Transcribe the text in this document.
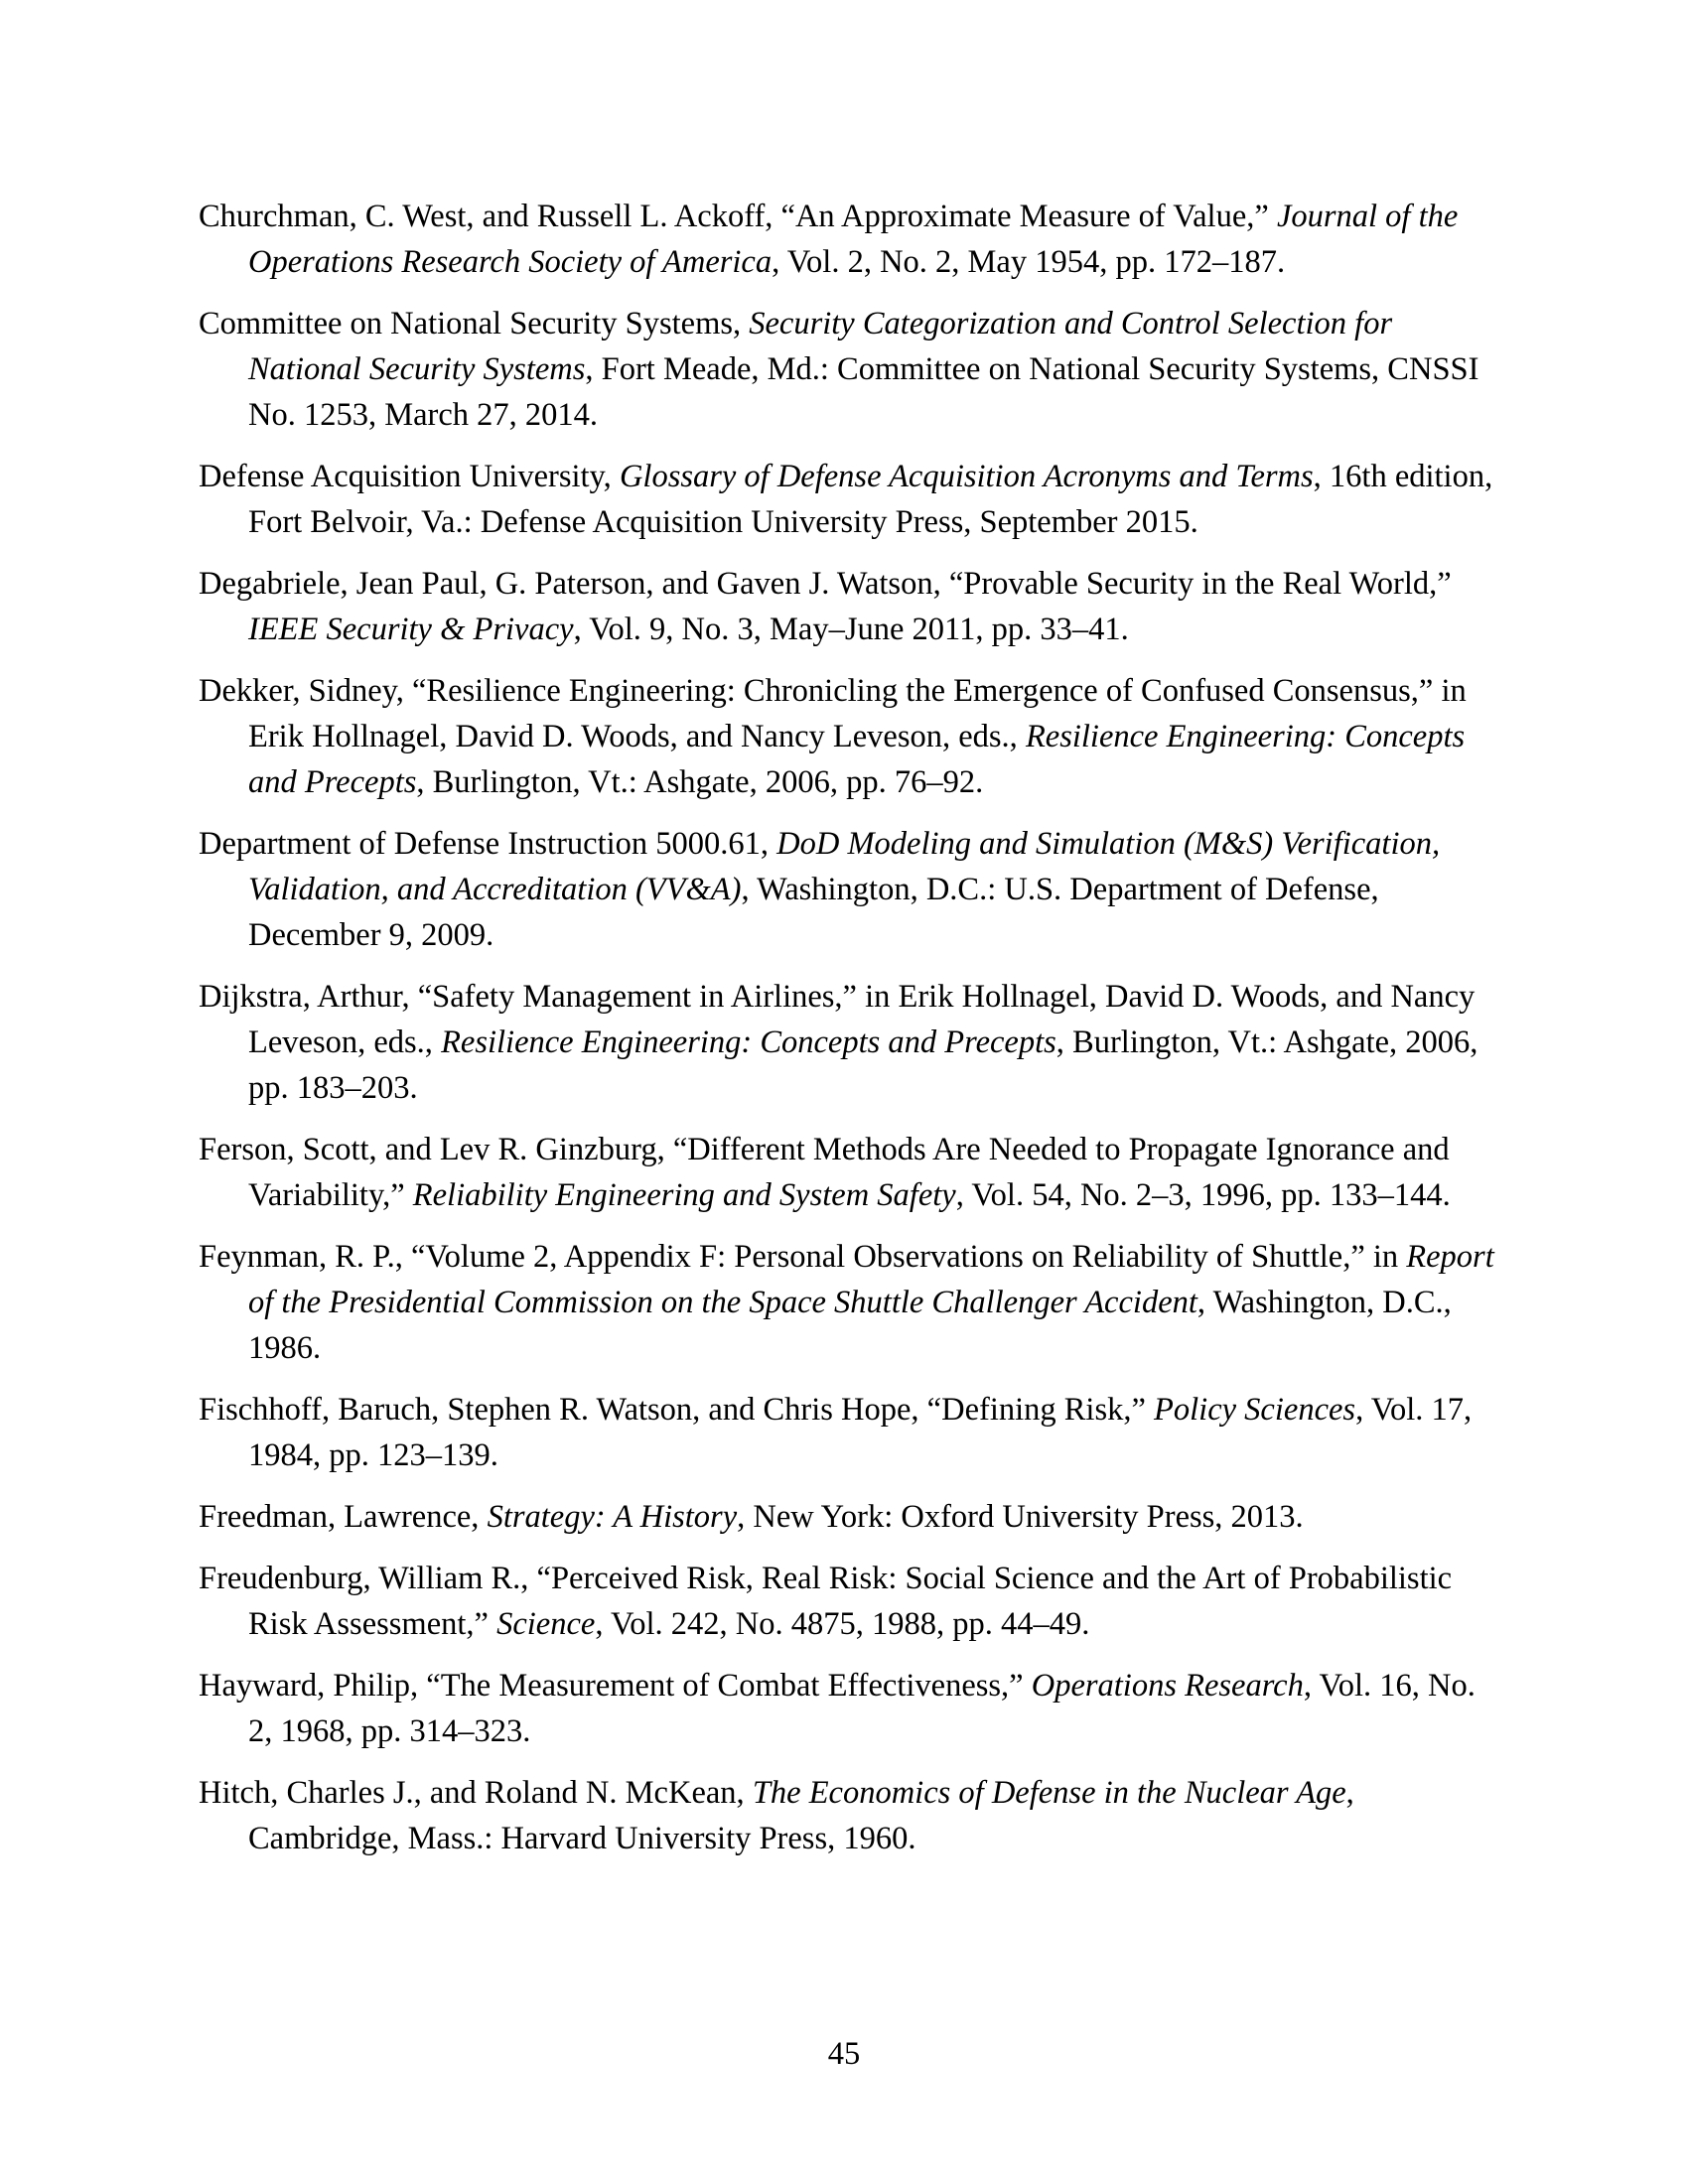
Churchman, C. West, and Russell L. Ackoff, “An Approximate Measure of Value,” Journal of the Operations Research Society of America, Vol. 2, No. 2, May 1954, pp. 172–187.

Committee on National Security Systems, Security Categorization and Control Selection for National Security Systems, Fort Meade, Md.: Committee on National Security Systems, CNSSI No. 1253, March 27, 2014.

Defense Acquisition University, Glossary of Defense Acquisition Acronyms and Terms, 16th edition, Fort Belvoir, Va.: Defense Acquisition University Press, September 2015.

Degabriele, Jean Paul, G. Paterson, and Gaven J. Watson, “Provable Security in the Real World,” IEEE Security & Privacy, Vol. 9, No. 3, May–June 2011, pp. 33–41.

Dekker, Sidney, “Resilience Engineering: Chronicling the Emergence of Confused Consensus,” in Erik Hollnagel, David D. Woods, and Nancy Leveson, eds., Resilience Engineering: Concepts and Precepts, Burlington, Vt.: Ashgate, 2006, pp. 76–92.

Department of Defense Instruction 5000.61, DoD Modeling and Simulation (M&S) Verification, Validation, and Accreditation (VV&A), Washington, D.C.: U.S. Department of Defense, December 9, 2009.

Dijkstra, Arthur, “Safety Management in Airlines,” in Erik Hollnagel, David D. Woods, and Nancy Leveson, eds., Resilience Engineering: Concepts and Precepts, Burlington, Vt.: Ashgate, 2006, pp. 183–203.

Ferson, Scott, and Lev R. Ginzburg, “Different Methods Are Needed to Propagate Ignorance and Variability,” Reliability Engineering and System Safety, Vol. 54, No. 2–3, 1996, pp. 133–144.

Feynman, R. P., “Volume 2, Appendix F: Personal Observations on Reliability of Shuttle,” in Report of the Presidential Commission on the Space Shuttle Challenger Accident, Washington, D.C., 1986.

Fischhoff, Baruch, Stephen R. Watson, and Chris Hope, “Defining Risk,” Policy Sciences, Vol. 17, 1984, pp. 123–139.

Freedman, Lawrence, Strategy: A History, New York: Oxford University Press, 2013.

Freudenburg, William R., “Perceived Risk, Real Risk: Social Science and the Art of Probabilistic Risk Assessment,” Science, Vol. 242, No. 4875, 1988, pp. 44–49.

Hayward, Philip, “The Measurement of Combat Effectiveness,” Operations Research, Vol. 16, No. 2, 1968, pp. 314–323.

Hitch, Charles J., and Roland N. McKean, The Economics of Defense in the Nuclear Age, Cambridge, Mass.: Harvard University Press, 1960.

45
